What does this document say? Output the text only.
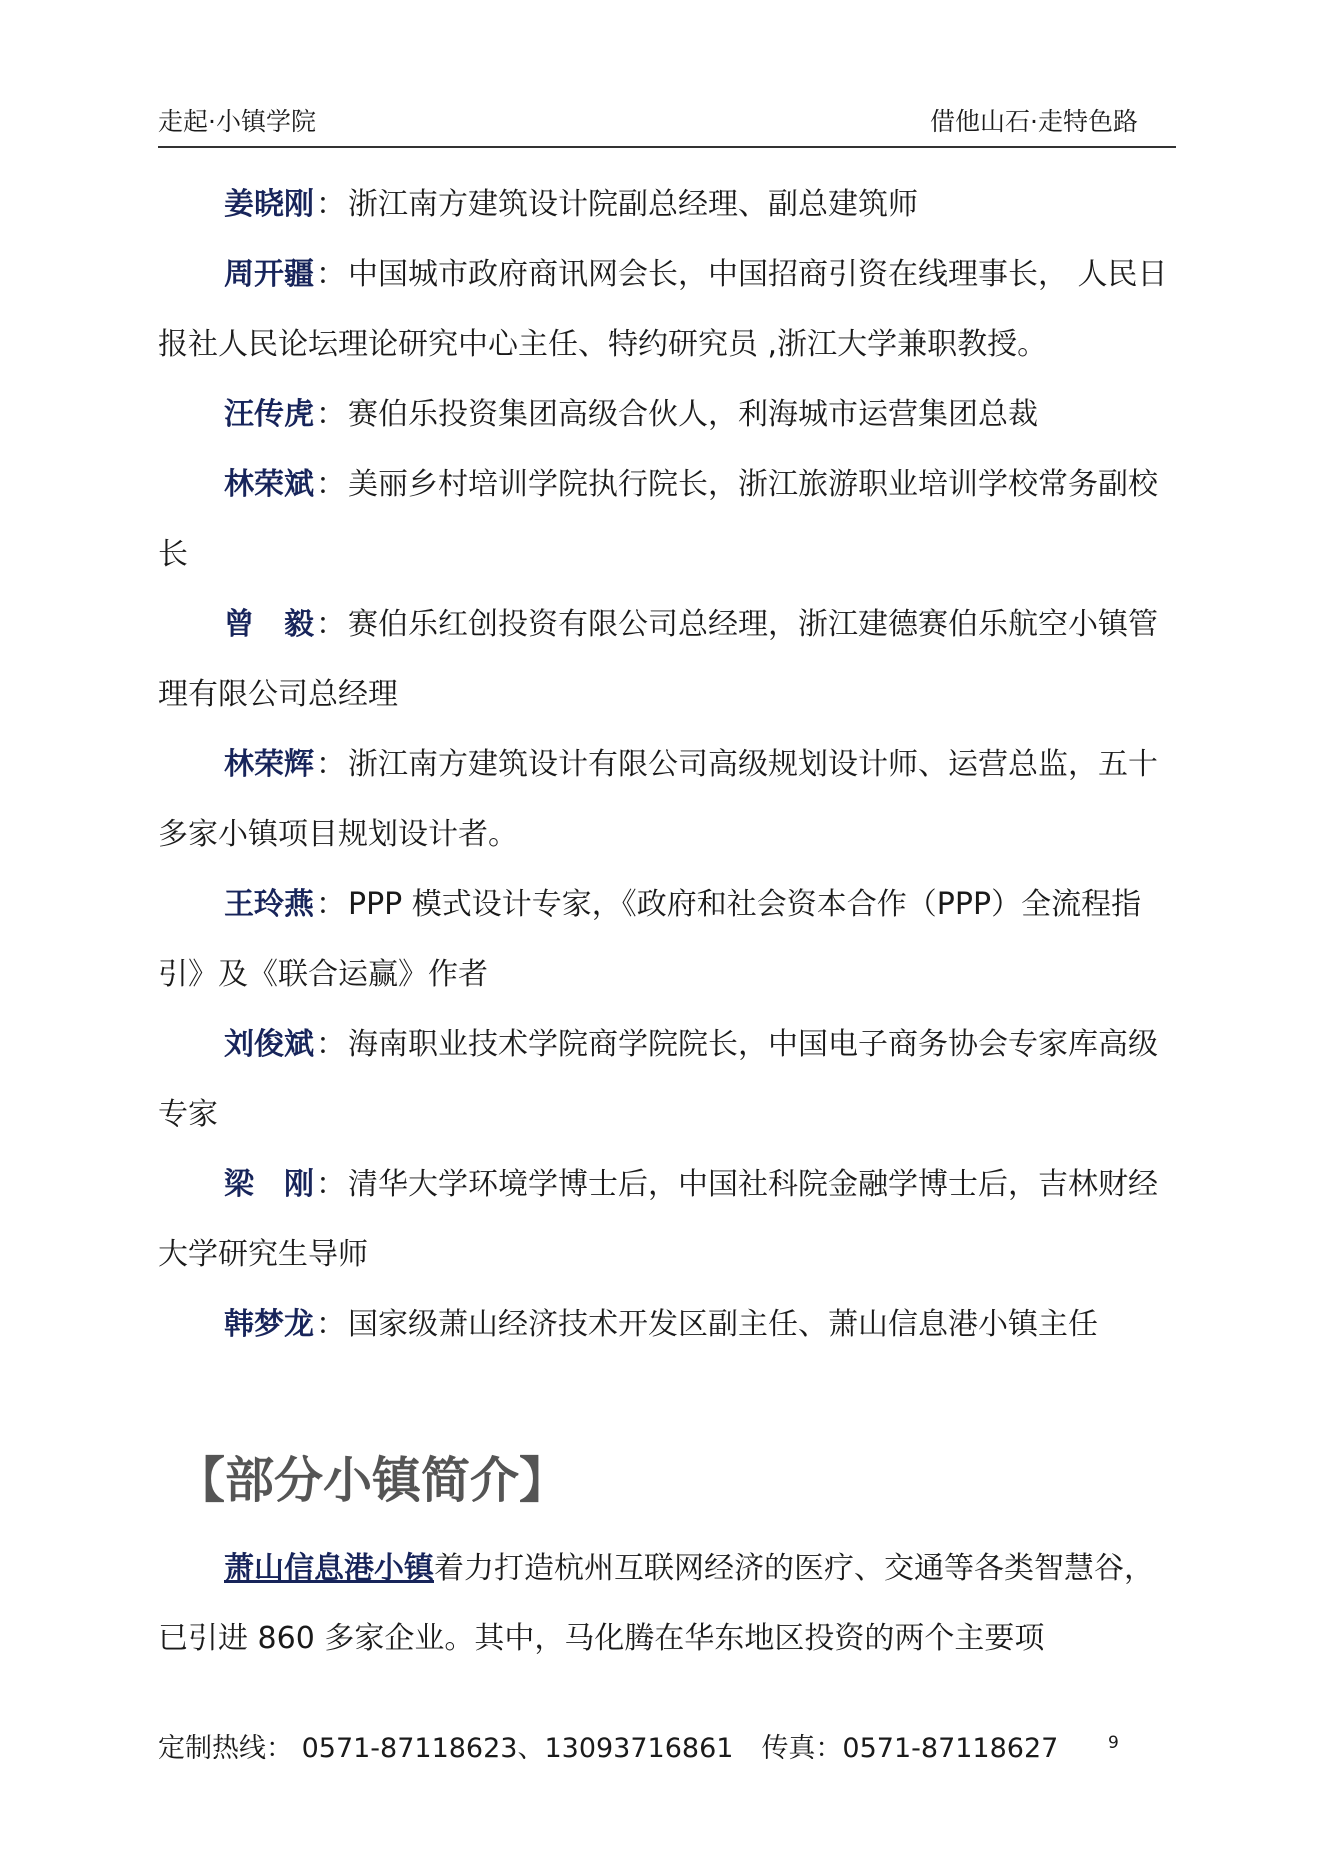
走起·小镇学院	借他山石·走特色路

姜晓刚：浙江南方建筑设计院副总经理、副总建筑师

周开疆：中国城市政府商讯网会长，中国招商引资在线理事长， 人民日报社人民论坛理论研究中心主任、特约研究员 ,浙江大学兼职教授。

汪传虎：赛伯乐投资集团高级合伙人，利海城市运营集团总裁

林荣斌：美丽乡村培训学院执行院长，浙江旅游职业培训学校常务副校长

曾　毅：赛伯乐红创投资有限公司总经理，浙江建德赛伯乐航空小镇管理有限公司总经理

林荣辉：浙江南方建筑设计有限公司高级规划设计师、运营总监，五十多家小镇项目规划设计者。

王玲燕：PPP 模式设计专家，《政府和社会资本合作（PPP）全流程指引》及《联合运赢》作者

刘俊斌：海南职业技术学院商学院院长，中国电子商务协会专家库高级专家

梁　刚：清华大学环境学博士后，中国社科院金融学博士后，吉林财经大学研究生导师

韩梦龙：国家级萧山经济技术开发区副主任、萧山信息港小镇主任

【部分小镇简介】

萧山信息港小镇着力打造杭州互联网经济的医疗、交通等各类智慧谷，已引进 860 多家企业。其中，马化腾在华东地区投资的两个主要项

定制热线： 0571-87118623、13093716861 传真：0571-87118627	9
